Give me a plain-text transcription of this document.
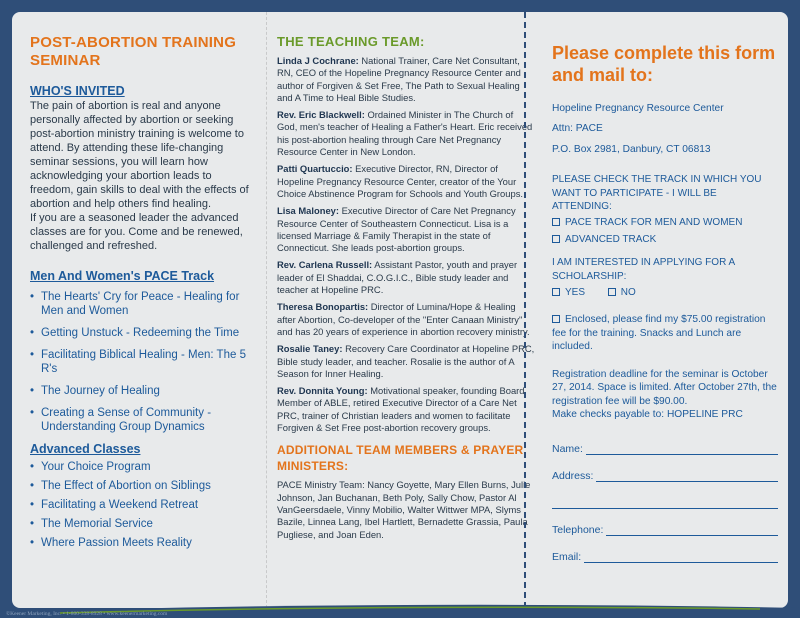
POST-ABORTION TRAINING SEMINAR
WHO'S INVITED
The pain of abortion is real and anyone personally affected by abortion or seeking post-abortion ministry training is welcome to attend. By attending these life-changing seminar sessions, you will learn how acknowledging your abortion leads to freedom, gain skills to deal with the effects of abortion and help others find healing.
If you are a seasoned leader the advanced classes are for you. Come and be renewed, challenged and refreshed.
Men And Women's PACE Track
• The Hearts' Cry for Peace - Healing for Men and Women
• Getting Unstuck - Redeeming the Time
• Facilitating Biblical Healing - Men: The 5 R's
• The Journey of Healing
• Creating a Sense of Community - Understanding Group Dynamics
Advanced Classes
• Your Choice Program
• The Effect of Abortion on Siblings
• Facilitating a Weekend Retreat
• The Memorial Service
• Where Passion Meets Reality
THE TEACHING TEAM:
Linda J Cochrane: National Trainer, Care Net Consultant, RN, CEO of the Hopeline Pregnancy Resource Center and author of Forgiven & Set Free, The Path to Sexual Healing and A Time to Heal Bible Studies.
Rev. Eric Blackwell: Ordained Minister in The Church of God, men's teacher of Healing a Father's Heart. Eric received his post-abortion healing through Care Net Pregnancy Resource Center in New London.
Patti Quartuccio: Executive Director, RN, Director of Hopeline Pregnancy Resource Center, creator of the Your Choice Abstinence Program for Schools and Youth Groups.
Lisa Maloney: Executive Director of Care Net Pregnancy Resource Center of Southeastern Connecticut. Lisa is a licensed Marriage & Family Therapist in the state of Connecticut. She leads post-abortion groups.
Rev. Carlena Russell: Assistant Pastor, youth and prayer leader of El Shaddai, C.O.G.I.C., Bible study leader and teacher at Hopeline PRC.
Theresa Bonopartis: Director of Lumina/Hope & Healing after Abortion, Co-developer of the "Enter Canaan Ministry" and has 20 years of experience in abortion recovery ministry.
Rosalie Taney: Recovery Care Coordinator at Hopeline PRC, Bible study leader, and teacher. Rosalie is the author of A Season for Inner Healing.
Rev. Donnita Young: Motivational speaker, founding Board Member of ABLE, retired Executive Director of a Care Net PRC, trainer of Christian leaders and women to facilitate Forgiven & Set Free post-abortion recovery groups.
ADDITIONAL TEAM MEMBERS & PRAYER MINISTERS:
PACE Ministry Team: Nancy Goyette, Mary Ellen Burns, Julie Johnson, Jan Buchanan, Beth Poly, Sally Chow, Pastor Al VanGeersdaele, Vinny Mobilio, Walter Wittwer MPA, Slyms Bazile, Linnea Lang, Ibel Hartlett, Bernadette Grassia, Paula Pugliese, and Joan Eden.
Please complete this form and mail to:
Hopeline Pregnancy Resource Center
Attn: PACE
P.O. Box 2981, Danbury, CT 06813
PLEASE CHECK THE TRACK IN WHICH YOU WANT TO PARTICIPATE - I WILL BE ATTENDING:
PACE TRACK FOR MEN AND WOMEN
ADVANCED TRACK
I AM INTERESTED IN APPLYING FOR A SCHOLARSHIP:
YES	NO
Enclosed, please find my $75.00 registration fee for the training. Snacks and Lunch are included.
Registration deadline for the seminar is October 27, 2014. Space is limited. After October 27th, the registration fee will be $90.00.
Make checks payable to: HOPELINE PRC
Name:
Address:
Telephone:
Email:
©Keener Marketing, Inc. • 1-800-338-8928 • www.keenermarketing.com
